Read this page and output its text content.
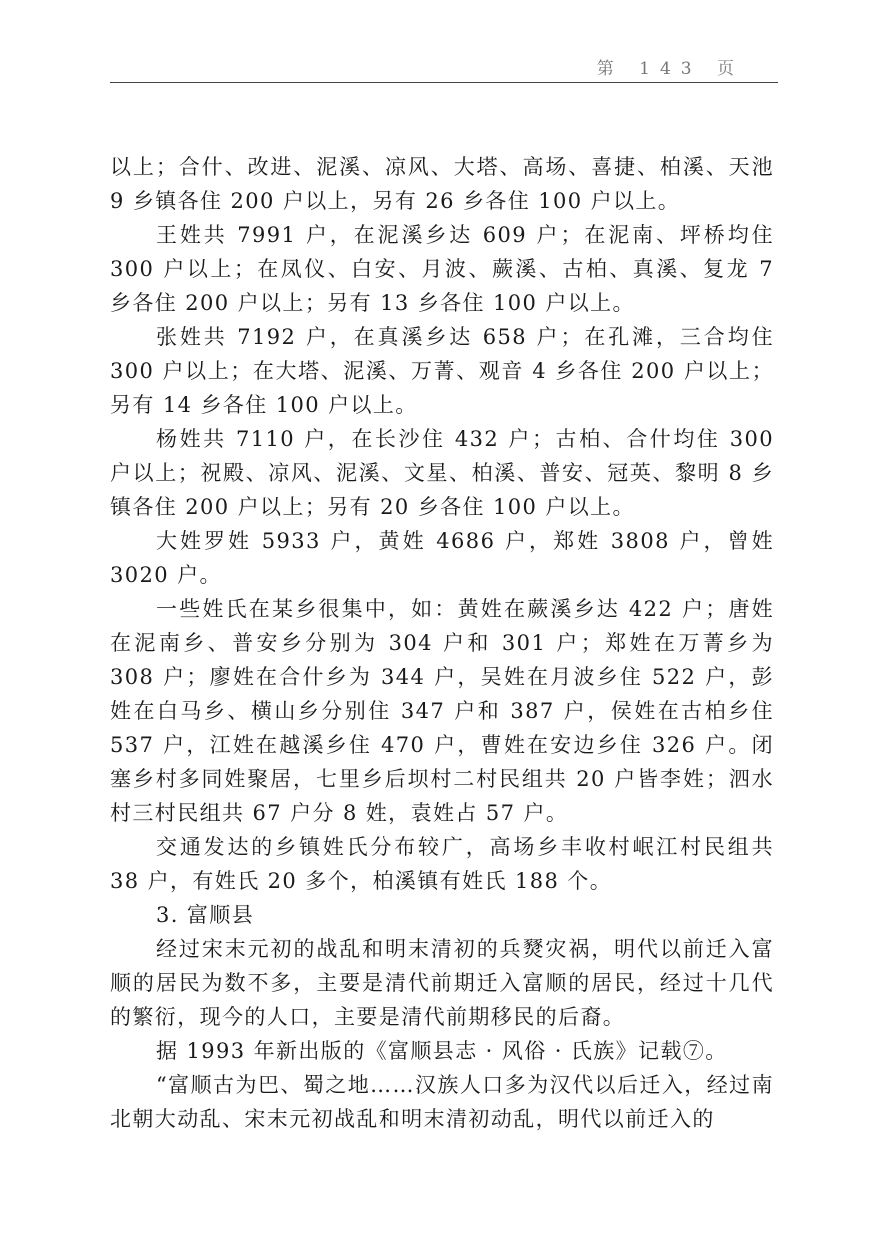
第 143 页

以上；合什、改进、泥溪、凉风、大塔、高场、喜捷、柏溪、天池 9 乡镇各住 200 户以上，另有 26 乡各住 100 户以上。

王姓共 7991 户，在泥溪乡达 609 户；在泥南、坪桥均住 300 户以上；在凤仪、白安、月波、蕨溪、古柏、真溪、复龙 7 乡各住 200 户以上；另有 13 乡各住 100 户以上。

张姓共 7192 户，在真溪乡达 658 户；在孔滩，三合均住 300 户以上；在大塔、泥溪、万菁、观音 4 乡各住 200 户以上；另有 14 乡各住 100 户以上。

杨姓共 7110 户，在长沙住 432 户；古柏、合什均住 300 户以上；祝殿、凉风、泥溪、文星、柏溪、普安、冠英、黎明 8 乡镇各住 200 户以上；另有 20 乡各住 100 户以上。

大姓罗姓 5933 户，黄姓 4686 户，郑姓 3808 户，曾姓 3020 户。

一些姓氏在某乡很集中，如：黄姓在蕨溪乡达 422 户；唐姓在泥南乡、普安乡分别为 304 户和 301 户；郑姓在万菁乡为 308 户；廖姓在合什乡为 344 户，吴姓在月波乡住 522 户，彭姓在白马乡、横山乡分别住 347 户和 387 户，侯姓在古柏乡住 537 户，江姓在越溪乡住 470 户，曹姓在安边乡住 326 户。闭塞乡村多同姓聚居，七里乡后坝村二村民组共 20 户皆李姓；泗水村三村民组共 67 户分 8 姓，袁姓占 57 户。

交通发达的乡镇姓氏分布较广，高场乡丰收村岷江村民组共 38 户，有姓氏 20 多个，柏溪镇有姓氏 188 个。

3. 富顺县

经过宋末元初的战乱和明末清初的兵燹灾祸，明代以前迁入富顺的居民为数不多，主要是清代前期迁入富顺的居民，经过十几代的繁衍，现今的人口，主要是清代前期移民的后裔。

据 1993 年新出版的《富顺县志 · 风俗 · 氏族》记载⑦。

“富顺古为巴、蜀之地……汉族人口多为汉代以后迁入，经过南北朝大动乱、宋末元初战乱和明末清初动乱，明代以前迁入的
